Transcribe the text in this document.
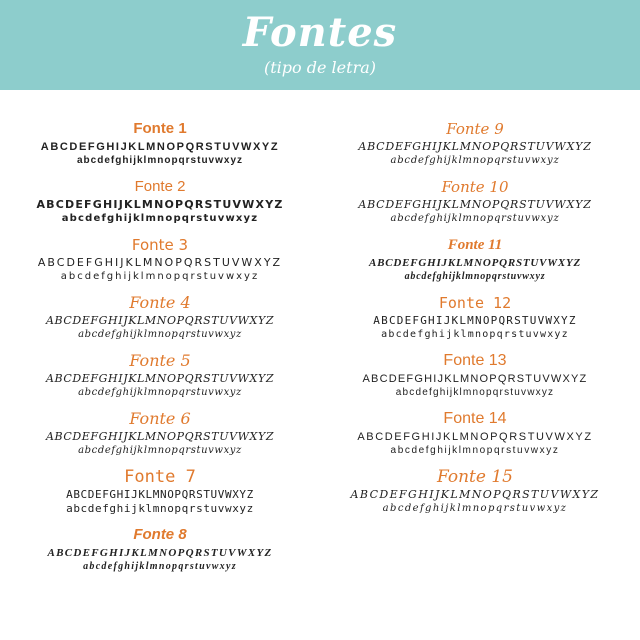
Fontes
(tipo de letra)
Fonte 1
ABCDEFGHIJKLMNOPQRSTUVWXYZ
abcdefghijklmnopqrstuvwxyz
Fonte 2
ABCDEFGHIJKLMNOPQRSTUVWXYZ
abcdefghijklmnopqrstuvwxyz
Fonte 3
ABCDEFGHIJKLMNOPQRSTUVWXYZ
abcdefghijklmnopqrstuvwxyz
Fonte 4
ABCDEFGHIJKLMNOPQRSTUVWXYZ
abcdefghijklmnopqrstuvwxyz
Fonte 5
ABCDEFGHIJKLMNOPQRSTUVWXYZ
abcdefghijklmnopqrstuvwxyz
Fonte 6
ABCDEFGHIJKLMNOPQRSTUVWXYZ
abcdefghijklmnopqrstuvwxyz
Fonte 7
ABCDEFGHIJKLMNOPQRSTUVWXYZ
abcdefghijklmnopqrstuvwxyz
Fonte 8
ABCDEFGHIJKLMNOPQRSTUVWXYZ
abcdefghijklmnopqrstuvwxyz
Fonte 9
ABCDEFGHIJKLMNOPQRSTUVWXYZ
abcdefghijklmnopqrstuvwxyz
Fonte 10
ABCDEFGHIJKLMNOPQRSTUVWXYZ
abcdefghijklmnopqrstuvwxyz
Fonte 11
ABCDEFGHIJKLMNOPQRSTUVWXYZ
abcdefghijklmnopqrstuvwxyz
Fonte 12
ABCDEFGHIJKLMNOPQRSTUVWXYZ
abcdefghijklmnopqrstuvwxyz
Fonte 13
ABCDEFGHIJKLMNOPQRSTUVWXYZ
abcdefghijklmnopqrstuvwxyz
Fonte 14
ABCDEFGHIJKLMNOPQRSTUVWXYZ
abcdefghijklmnopqrstuvwxyz
Fonte 15
ABCDEFGHIJKLMNOPQRSTUVWXYZ
abcdefghijklmnopqrstuvwxyz
